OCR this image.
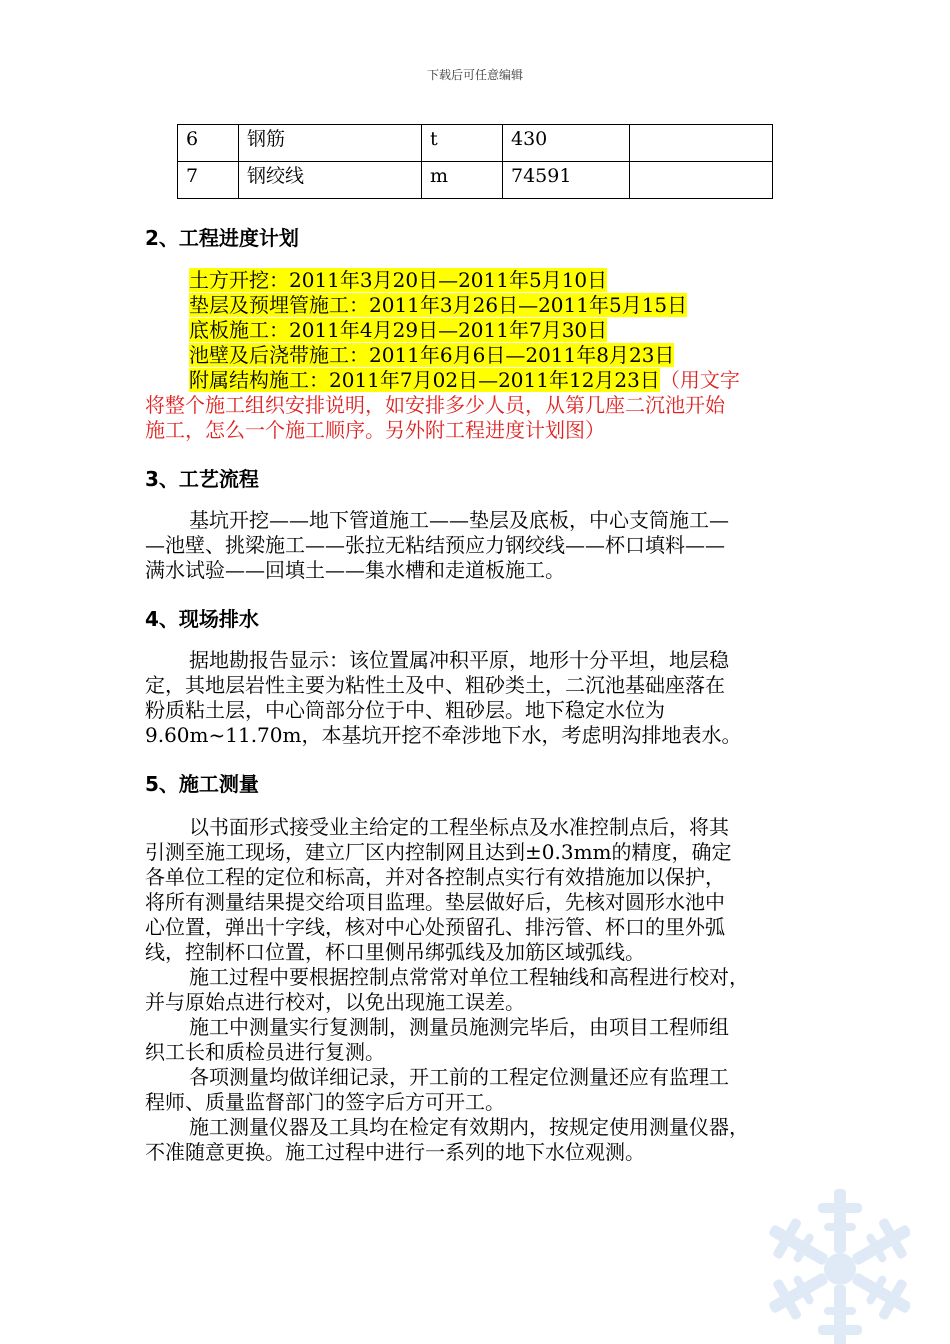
下载后可任意编辑
6	钢筋	t	430	
7	钢绞线	m	74591	
2、工程进度计划
土方开挖：2011年3月20日—2011年5月10日
垫层及预埋管施工：2011年3月26日—2011年5月15日
底板施工：2011年4月29日—2011年7月30日
池壁及后浇带施工：2011年6月6日—2011年8月23日
附属结构施工：2011年7月02日—2011年12月23日（用文字
将整个施工组织安排说明，如安排多少人员，从第几座二沉池开始
施工，怎么一个施工顺序。另外附工程进度计划图）
3、工艺流程
基坑开挖——地下管道施工——垫层及底板，中心支筒施工—
—池壁、挑梁施工——张拉无粘结预应力钢绞线——杯口填料——
满水试验——回填土——集水槽和走道板施工。
4、现场排水
据地勘报告显示：该位置属冲积平原，地形十分平坦，地层稳
定，其地层岩性主要为粘性土及中、粗砂类土，二沉池基础座落在
粉质粘土层，中心筒部分位于中、粗砂层。地下稳定水位为
9.60m~11.70m，本基坑开挖不牵涉地下水，考虑明沟排地表水。
5、施工测量
以书面形式接受业主给定的工程坐标点及水准控制点后，将其
引测至施工现场，建立厂区内控制网且达到±0.3mm的精度，确定
各单位工程的定位和标高，并对各控制点实行有效措施加以保护，
将所有测量结果提交给项目监理。垫层做好后，先核对圆形水池中
心位置，弹出十字线，核对中心处预留孔、排污管、杯口的里外弧
线，控制杯口位置，杯口里侧吊绑弧线及加筋区域弧线。
施工过程中要根据控制点常常对单位工程轴线和高程进行校对，
并与原始点进行校对，以免出现施工误差。
施工中测量实行复测制，测量员施测完毕后，由项目工程师组
织工长和质检员进行复测。
各项测量均做详细记录，开工前的工程定位测量还应有监理工
程师、质量监督部门的签字后方可开工。
施工测量仪器及工具均在检定有效期内，按规定使用测量仪器，
不准随意更换。施工过程中进行一系列的地下水位观测。
